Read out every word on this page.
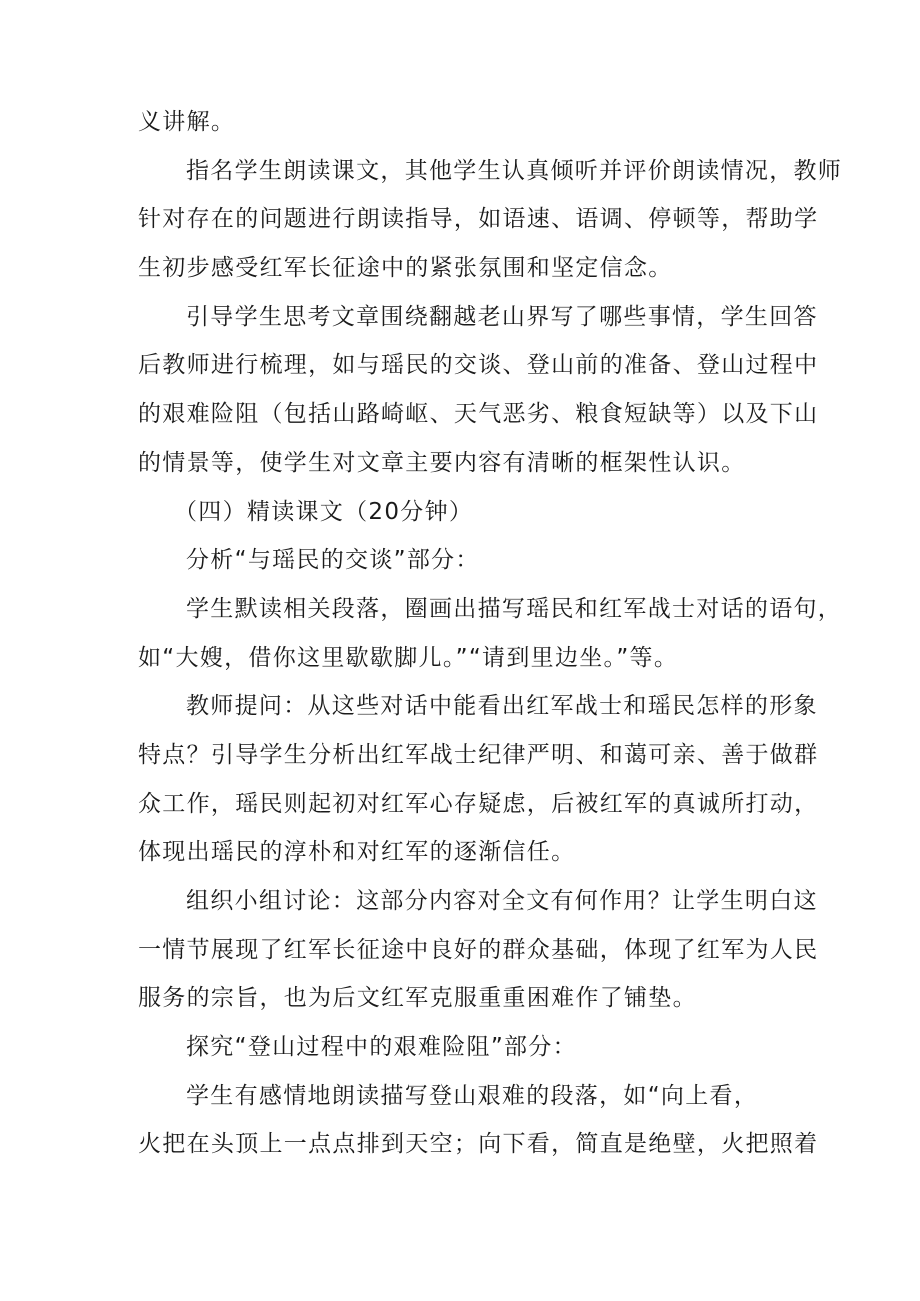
义讲解。
指名学生朗读课文，其他学生认真倾听并评价朗读情况，教师
针对存在的问题进行朗读指导，如语速、语调、停顿等，帮助学
生初步感受红军长征途中的紧张氛围和坚定信念。
引导学生思考文章围绕翻越老山界写了哪些事情，学生回答
后教师进行梳理，如与瑶民的交谈、登山前的准备、登山过程中
的艰难险阻（包括山路崎岖、天气恶劣、粮食短缺等）以及下山
的情景等，使学生对文章主要内容有清晰的框架性认识。
（四）精读课文（20分钟）
分析“与瑶民的交谈”部分：
学生默读相关段落，圈画出描写瑶民和红军战士对话的语句，
如“大嫂，借你这里歇歇脚儿。”“请到里边坐。”等。
教师提问：从这些对话中能看出红军战士和瑶民怎样的形象
特点？引导学生分析出红军战士纪律严明、和蔼可亲、善于做群
众工作，瑶民则起初对红军心存疑虑，后被红军的真诚所打动，
体现出瑶民的淳朴和对红军的逐渐信任。
组织小组讨论：这部分内容对全文有何作用？让学生明白这
一情节展现了红军长征途中良好的群众基础，体现了红军为人民
服务的宗旨，也为后文红军克服重重困难作了铺垫。
探究“登山过程中的艰难险阻”部分：
学生有感情地朗读描写登山艰难的段落，如“向上看，
火把在头顶上一点点排到天空；向下看，简直是绝壁，火把照着
